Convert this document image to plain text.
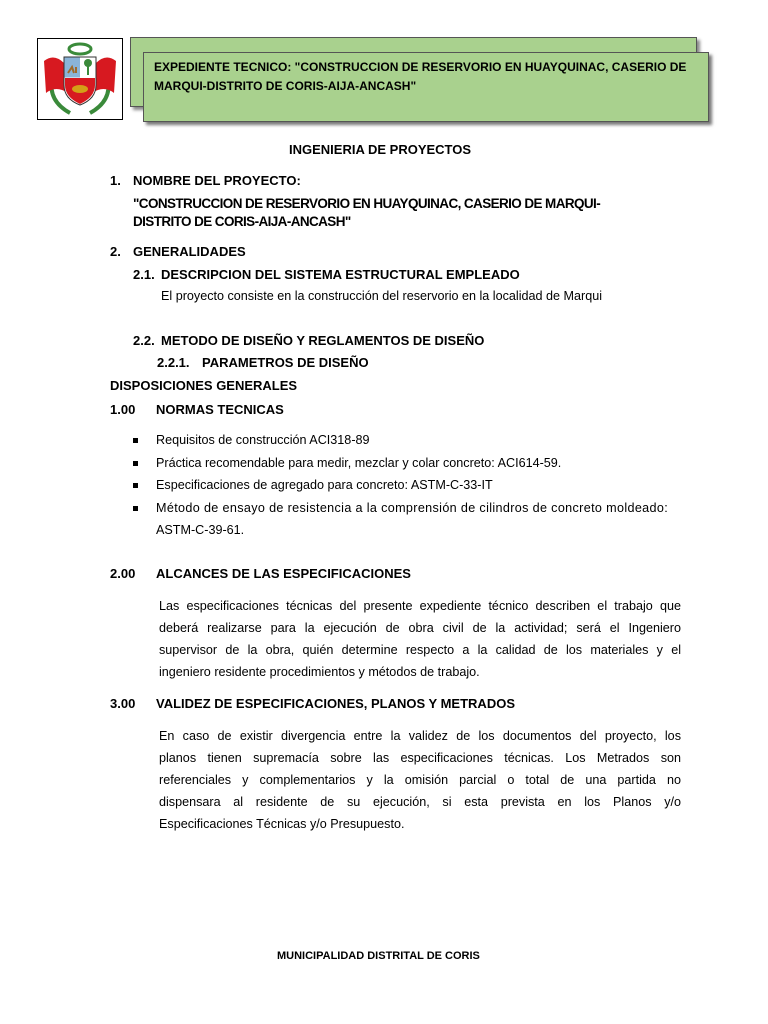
EXPEDIENTE TECNICO: "CONSTRUCCION DE RESERVORIO EN HUAYQUINAC, CASERIO DE MARQUI-DISTRITO DE CORIS-AIJA-ANCASH"
INGENIERIA DE PROYECTOS
1. NOMBRE DEL PROYECTO:
"CONSTRUCCION DE RESERVORIO EN HUAYQUINAC, CASERIO DE MARQUI-
DISTRITO DE CORIS-AIJA-ANCASH"
2. GENERALIDADES
2.1. DESCRIPCION DEL SISTEMA ESTRUCTURAL EMPLEADO
El proyecto consiste en la construcción del reservorio en la localidad de Marqui
2.2. METODO DE DISEÑO Y REGLAMENTOS DE DISEÑO
2.2.1. PARAMETROS DE DISEÑO
DISPOSICIONES GENERALES
1.00 NORMAS TECNICAS
Requisitos de construcción ACI318-89
Práctica recomendable para medir, mezclar y colar concreto: ACI614-59.
Especificaciones de agregado para concreto: ASTM-C-33-IT
Método de ensayo de resistencia a la comprensión de cilindros de concreto moldeado:
ASTM-C-39-61.
2.00 ALCANCES DE LAS ESPECIFICACIONES
Las especificaciones técnicas del presente expediente técnico describen el trabajo que
deberá realizarse para la ejecución de obra civil de la actividad; será el Ingeniero
supervisor de la obra, quién determine respecto a la calidad de los materiales y el
ingeniero residente procedimientos y métodos de trabajo.
3.00 VALIDEZ DE ESPECIFICACIONES, PLANOS Y METRADOS
En caso de existir divergencia entre la validez de los documentos del proyecto, los
planos tienen supremacía sobre las especificaciones técnicas. Los Metrados son
referenciales y complementarios y la omisión parcial o total de una partida no
dispensara al residente de su ejecución, si esta prevista en los Planos y/o
Especificaciones Técnicas y/o Presupuesto.
MUNICIPALIDAD DISTRITAL DE CORIS
